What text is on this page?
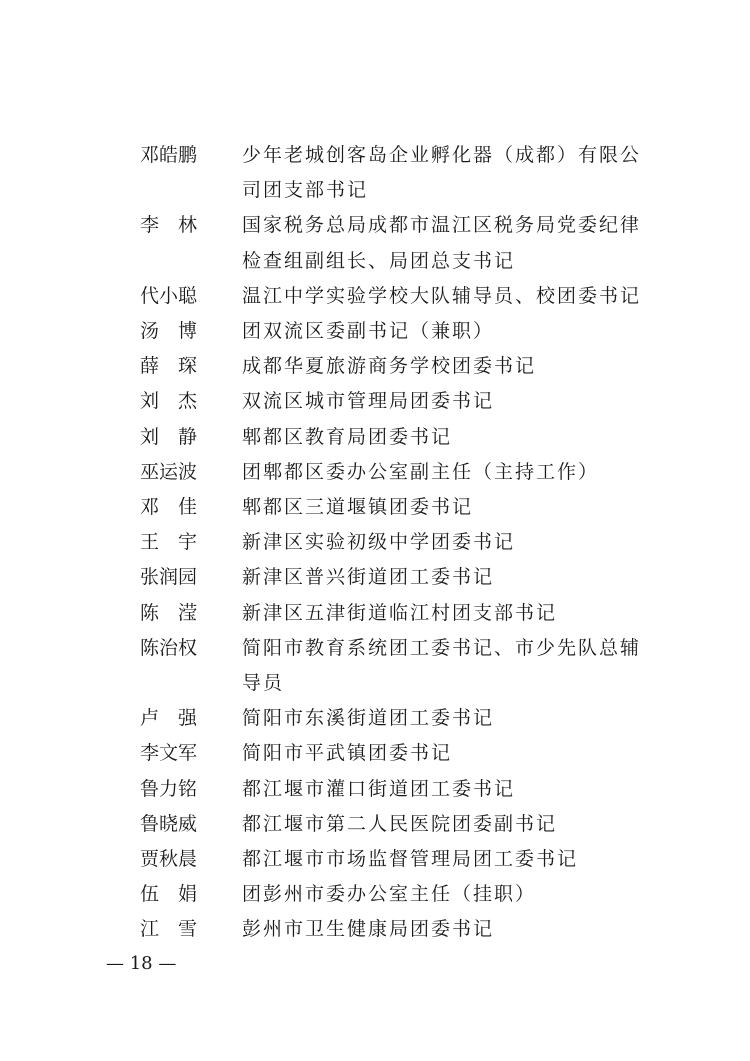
邓皓鹏	少年老城创客岛企业孵化器（成都）有限公司团支部书记
李 林	国家税务总局成都市温江区税务局党委纪律检查组副组长、局团总支书记
代小聪	温江中学实验学校大队辅导员、校团委书记
汤 博	团双流区委副书记（兼职）
薛 琛	成都华夏旅游商务学校团委书记
刘 杰	双流区城市管理局团委书记
刘 静	郫都区教育局团委书记
巫运波	团郫都区委办公室副主任（主持工作）
邓 佳	郫都区三道堰镇团委书记
王 宇	新津区实验初级中学团委书记
张润园	新津区普兴街道团工委书记
陈 滢	新津区五津街道临江村团支部书记
陈治权	简阳市教育系统团工委书记、市少先队总辅导员
卢 强	简阳市东溪街道团工委书记
李文军	简阳市平武镇团委书记
鲁力铭	都江堰市灌口街道团工委书记
鲁晓威	都江堰市第二人民医院团委副书记
贾秋晨	都江堰市市场监督管理局团工委书记
伍 娟	团彭州市委办公室主任（挂职）
江 雪	彭州市卫生健康局团委书记
— 18 —
